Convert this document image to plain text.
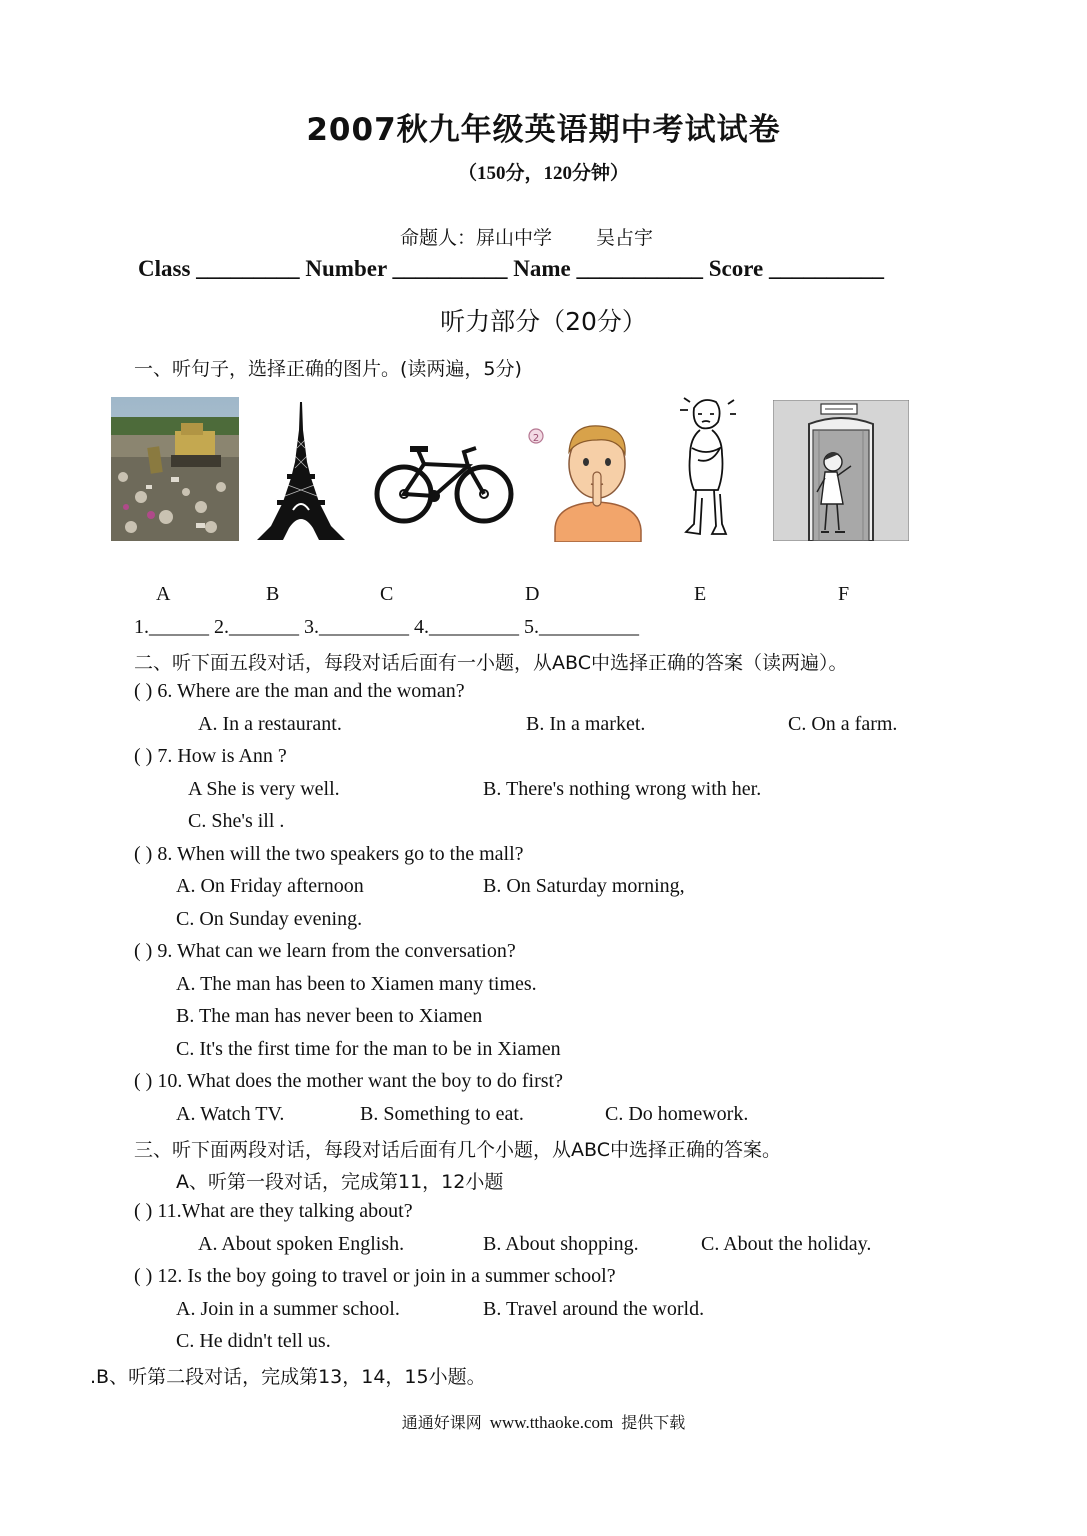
2007秋九年级英语期中考试试卷
（150分，120分钟）
命题人：屏山中学 吴占宇
Class _________ Number __________ Name ___________ Score __________
听力部分（20分）
一、听句子，选择正确的图片。(读两遍，5分)
2
A	B	C	D	E	F
1.______ 2._______ 3._________ 4._________ 5.__________
二、听下面五段对话，每段对话后面有一小题，从ABC中选择正确的答案（读两遍）。
( ) 6. Where are the man and the woman?
A. In a restaurant.	B. In a market.	C. On a farm.
( ) 7. How is Ann ?
A She is very well.	B. There's nothing wrong with her.
C. She's ill .
( ) 8. When will the two speakers go to the mall?
A. On Friday afternoon	B. On Saturday morning,
C. On Sunday evening.
( ) 9. What can we learn from the conversation?
A. The man has been to Xiamen many times.
B. The man has never been to Xiamen
C. It's the first time for the man to be in Xiamen
( ) 10. What does the mother want the boy to do first?
A. Watch TV.	B. Something to eat.	C. Do homework.
三、听下面两段对话，每段对话后面有几个小题，从ABC中选择正确的答案。
A、听第一段对话，完成第11，12小题
( ) 11.What are they talking about?
A. About spoken English.	B. About shopping.	C. About the holiday.
( ) 12. Is the boy going to travel or join in a summer school?
A. Join in a summer school.	B. Travel around the world.
C. He didn't tell us.
.B、听第二段对话，完成第13，14，15小题。
通通好课网 www.tthaoke.com 提供下载
